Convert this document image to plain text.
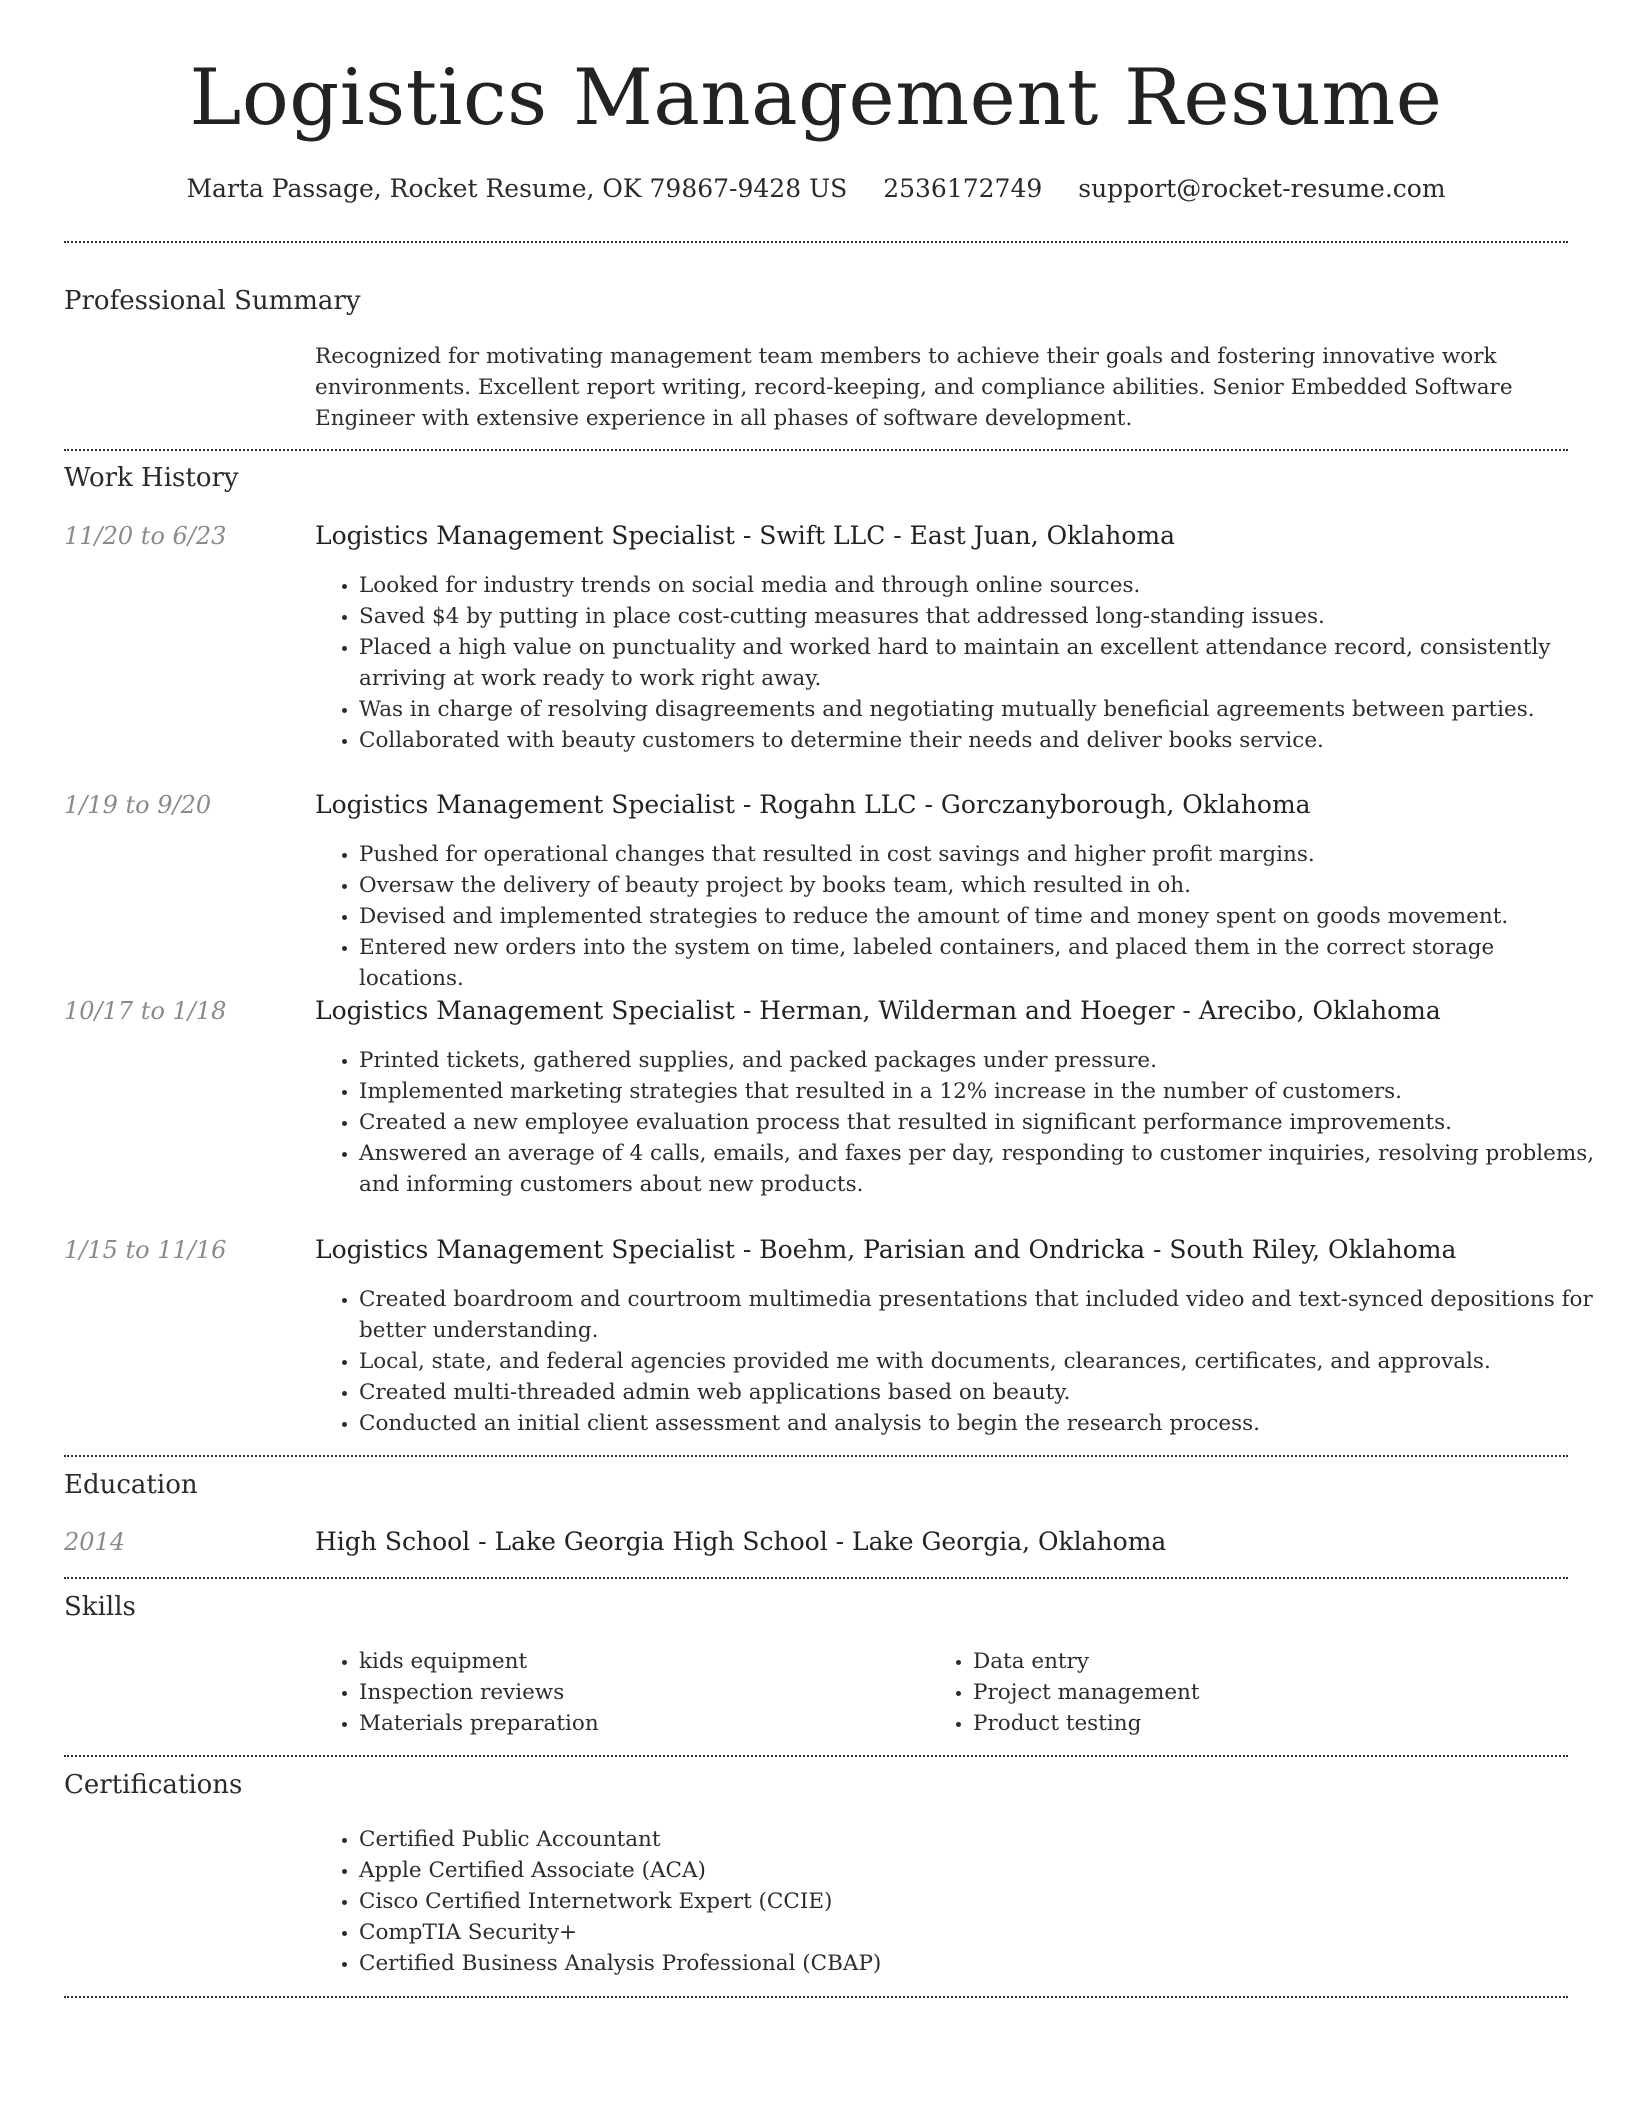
Logistics Management Resume
Marta Passage, Rocket Resume, OK 79867-9428 US 2536172749 support@rocket-resume.com
Professional Summary
Recognized for motivating management team members to achieve their goals and fostering innovative work environments. Excellent report writing, record-keeping, and compliance abilities. Senior Embedded Software Engineer with extensive experience in all phases of software development.
Work History
11/20 to 6/23	Logistics Management Specialist - Swift LLC - East Juan, Oklahoma
• Looked for industry trends on social media and through online sources.
• Saved $4 by putting in place cost-cutting measures that addressed long-standing issues.
• Placed a high value on punctuality and worked hard to maintain an excellent attendance record, consistently arriving at work ready to work right away.
• Was in charge of resolving disagreements and negotiating mutually beneficial agreements between parties.
• Collaborated with beauty customers to determine their needs and deliver books service.
1/19 to 9/20	Logistics Management Specialist - Rogahn LLC - Gorczanyborough, Oklahoma
• Pushed for operational changes that resulted in cost savings and higher profit margins.
• Oversaw the delivery of beauty project by books team, which resulted in oh.
• Devised and implemented strategies to reduce the amount of time and money spent on goods movement.
• Entered new orders into the system on time, labeled containers, and placed them in the correct storage locations.
10/17 to 1/18	Logistics Management Specialist - Herman, Wilderman and Hoeger - Arecibo, Oklahoma
• Printed tickets, gathered supplies, and packed packages under pressure.
• Implemented marketing strategies that resulted in a 12% increase in the number of customers.
• Created a new employee evaluation process that resulted in significant performance improvements.
• Answered an average of 4 calls, emails, and faxes per day, responding to customer inquiries, resolving problems, and informing customers about new products.
1/15 to 11/16	Logistics Management Specialist - Boehm, Parisian and Ondricka - South Riley, Oklahoma
• Created boardroom and courtroom multimedia presentations that included video and text-synced depositions for better understanding.
• Local, state, and federal agencies provided me with documents, clearances, certificates, and approvals.
• Created multi-threaded admin web applications based on beauty.
• Conducted an initial client assessment and analysis to begin the research process.
Education
2014	High School - Lake Georgia High School - Lake Georgia, Oklahoma
Skills
• kids equipment
• Inspection reviews
• Materials preparation
• Data entry
• Project management
• Product testing
Certifications
• Certified Public Accountant
• Apple Certified Associate (ACA)
• Cisco Certified Internetwork Expert (CCIE)
• CompTIA Security+
• Certified Business Analysis Professional (CBAP)
